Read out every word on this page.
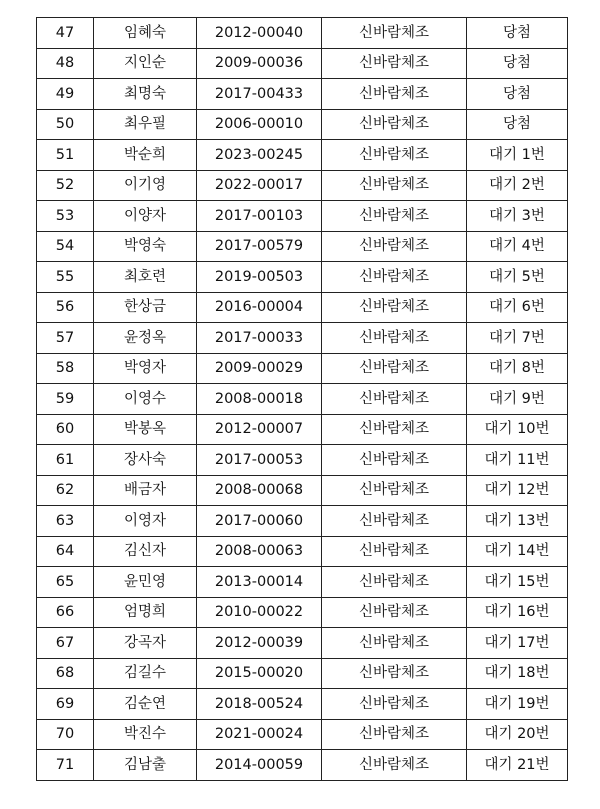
47	임혜숙	2012-00040	신바람체조	당첨
48	지인순	2009-00036	신바람체조	당첨
49	최명숙	2017-00433	신바람체조	당첨
50	최우필	2006-00010	신바람체조	당첨
51	박순희	2023-00245	신바람체조	대기 1번
52	이기영	2022-00017	신바람체조	대기 2번
53	이양자	2017-00103	신바람체조	대기 3번
54	박영숙	2017-00579	신바람체조	대기 4번
55	최호련	2019-00503	신바람체조	대기 5번
56	한상금	2016-00004	신바람체조	대기 6번
57	윤정옥	2017-00033	신바람체조	대기 7번
58	박영자	2009-00029	신바람체조	대기 8번
59	이영수	2008-00018	신바람체조	대기 9번
60	박봉옥	2012-00007	신바람체조	대기 10번
61	장사숙	2017-00053	신바람체조	대기 11번
62	배금자	2008-00068	신바람체조	대기 12번
63	이영자	2017-00060	신바람체조	대기 13번
64	김신자	2008-00063	신바람체조	대기 14번
65	윤민영	2013-00014	신바람체조	대기 15번
66	엄명희	2010-00022	신바람체조	대기 16번
67	강곡자	2012-00039	신바람체조	대기 17번
68	김길수	2015-00020	신바람체조	대기 18번
69	김순연	2018-00524	신바람체조	대기 19번
70	박진수	2021-00024	신바람체조	대기 20번
71	김남출	2014-00059	신바람체조	대기 21번
